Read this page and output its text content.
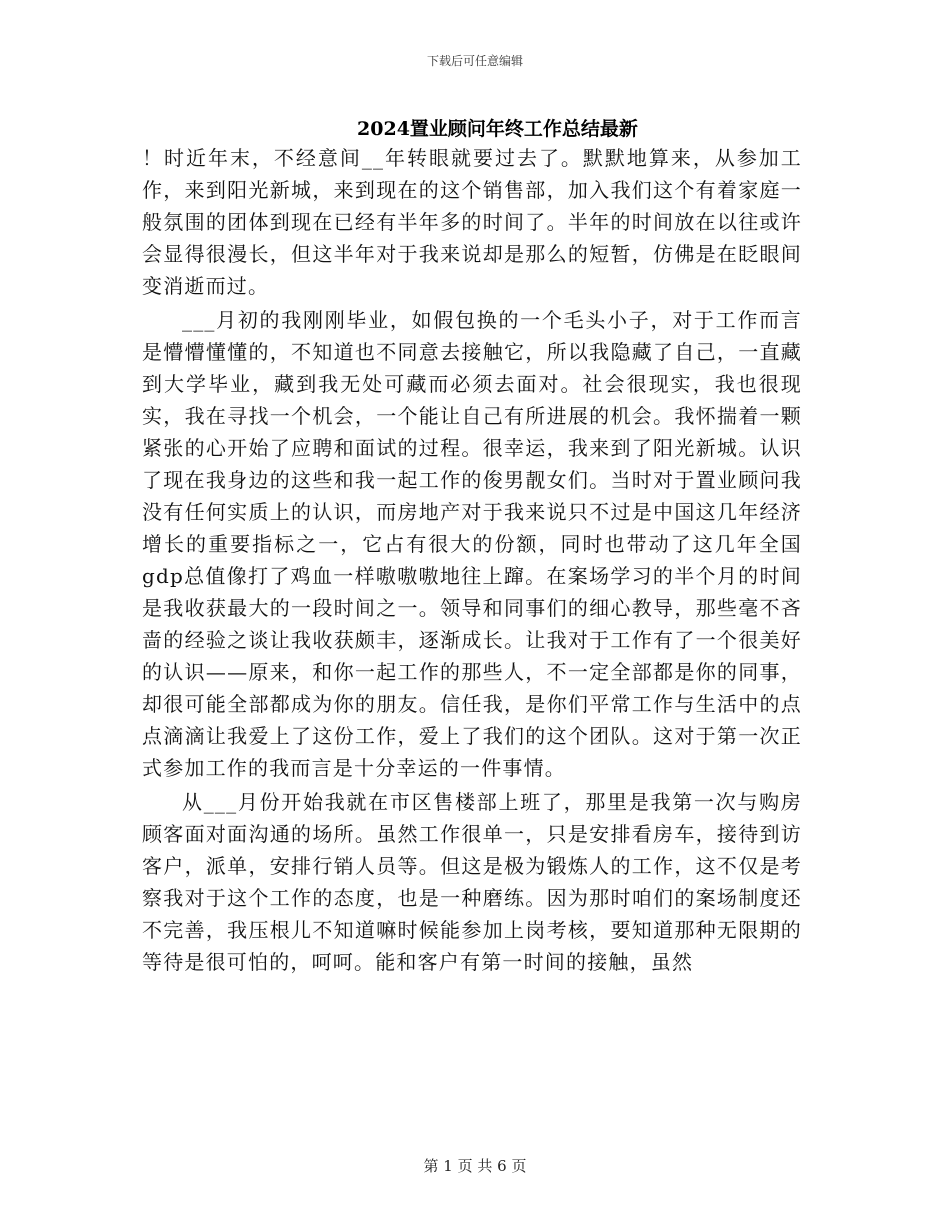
下载后可任意编辑
2024置业顾问年终工作总结最新

！时近年末，不经意间__年转眼就要过去了。默默地算来，从参加工作，来到阳光新城，来到现在的这个销售部，加入我们这个有着家庭一般氛围的团体到现在已经有半年多的时间了。半年的时间放在以往或许会显得很漫长，但这半年对于我来说却是那么的短暂，仿佛是在眨眼间变消逝而过。

___月初的我刚刚毕业，如假包换的一个毛头小子，对于工作而言是懵懵懂懂的，不知道也不同意去接触它，所以我隐藏了自己，一直藏到大学毕业，藏到我无处可藏而必须去面对。社会很现实，我也很现实，我在寻找一个机会，一个能让自己有所进展的机会。我怀揣着一颗紧张的心开始了应聘和面试的过程。很幸运，我来到了阳光新城。认识了现在我身边的这些和我一起工作的俊男靓女们。当时对于置业顾问我没有任何实质上的认识，而房地产对于我来说只不过是中国这几年经济增长的重要指标之一，它占有很大的份额，同时也带动了这几年全国gdp总值像打了鸡血一样嗷嗷嗷地往上蹿。在案场学习的半个月的时间是我收获最大的一段时间之一。领导和同事们的细心教导，那些毫不吝啬的经验之谈让我收获颇丰，逐渐成长。让我对于工作有了一个很美好的认识——原来，和你一起工作的那些人，不一定全部都是你的同事，却很可能全部都成为你的朋友。信任我，是你们平常工作与生活中的点点滴滴让我爱上了这份工作，爱上了我们的这个团队。这对于第一次正式参加工作的我而言是十分幸运的一件事情。

从___月份开始我就在市区售楼部上班了，那里是我第一次与购房顾客面对面沟通的场所。虽然工作很单一，只是安排看房车，接待到访客户，派单，安排行销人员等。但这是极为锻炼人的工作，这不仅是考察我对于这个工作的态度，也是一种磨练。因为那时咱们的案场制度还不完善，我压根儿不知道嘛时候能参加上岗考核，要知道那种无限期的等待是很可怕的，呵呵。能和客户有第一时间的接触，虽然

第 1 页 共 6 页
